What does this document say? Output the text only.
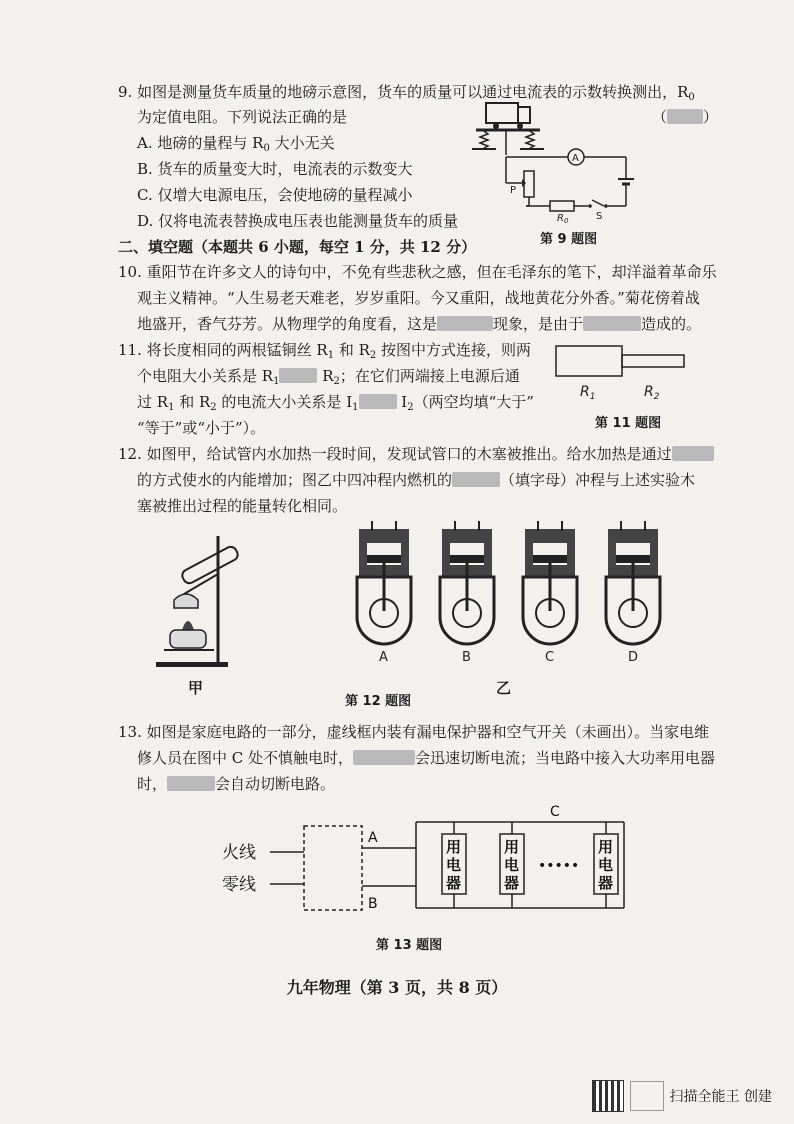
9. 如图是测量货车质量的地磅示意图，货车的质量可以通过电流表的示数转换测出，$R_0$
为定值电阻。下列说法正确的是	（ ）
A. 地磅的量程与 $R_0$ 大小无关
B. 货车的质量变大时，电流表的示数变大
C. 仅增大电源电压，会使地磅的量程减小
D. 仅将电流表替换成电压表也能测量货车的质量
A
P
$R_0$	S
第 9 题图
二、填空题（本题共 6 小题，每空 1 分，共 12 分）
10. 重阳节在许多文人的诗句中，不免有些悲秋之感，但在毛泽东的笔下，却洋溢着革命乐
观主义精神。“人生易老天难老，岁岁重阳。今又重阳，战地黄花分外香。”菊花傍着战
地盛开，香气芬芳。从物理学的角度看，这是	现象，是由于	造成的。
11. 将长度相同的两根锰铜丝 $R_1$ 和 $R_2$ 按图中方式连接，则两
个电阻大小关系是 $R_1$	$R_2$；在它们两端接上电源后通
过 $R_1$ 和 $R_2$ 的电流大小关系是 $I_1$	$I_2$（两空均填“大于”
“等于”或“小于”）。
$R_1$	$R_2$
第 11 题图
12. 如图甲，给试管内水加热一段时间，发现试管口的木塞被推出。给水加热是通过
的方式使水的内能增加；图乙中四冲程内燃机的	（填字母）冲程与上述实验木
塞被推出过程的能量转化相同。
甲
A	B	C	D
乙
第 12 题图
13. 如图是家庭电路的一部分，虚线框内装有漏电保护器和空气开关（未画出）。当家电维
修人员在图中 C 处不慎触电时，	会迅速切断电流；当电路中接入大功率用电器
时，	会自动切断电路。
火线
零线
A
B
C
用
电
器
用
电
器
•••••
用
电
器
第 13 题图
九年物理（第 3 页，共 8 页）
扫描全能王 创建
